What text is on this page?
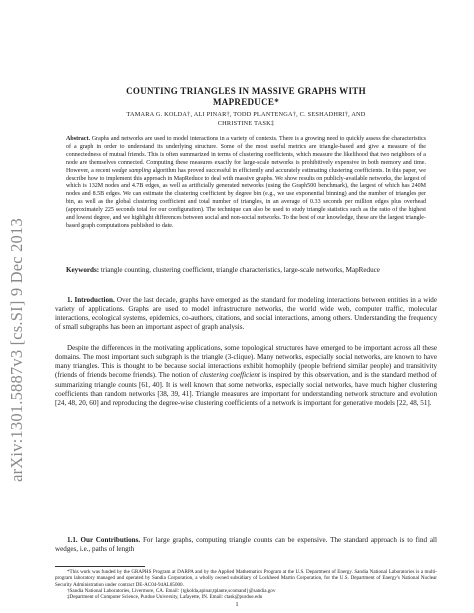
arXiv:1301.5887v3 [cs.SI] 9 Dec 2013
COUNTING TRIANGLES IN MASSIVE GRAPHS WITH
MAPREDUCE*
TAMARA G. KOLDA†, ALI PINAR†, TODD PLANTENGA†, C. SESHADHRI†, AND
CHRISTINE TASK‡

Abstract. Graphs and networks are used to model interactions in a variety of contexts. There is a growing need to quickly assess the characteristics of a graph in order to understand its underlying structure. Some of the most useful metrics are triangle-based and give a measure of the connectedness of mutual friends. This is often summarized in terms of clustering coefficients, which measure the likelihood that two neighbors of a node are themselves connected. Computing these measures exactly for large-scale networks is prohibitively expensive in both memory and time. However, a recent wedge sampling algorithm has proved successful in efficiently and accurately estimating clustering coefficients. In this paper, we describe how to implement this approach in MapReduce to deal with massive graphs. We show results on publicly-available networks, the largest of which is 132M nodes and 4.7B edges, as well as artificially generated networks (using the Graph500 benchmark), the largest of which has 240M nodes and 8.5B edges. We can estimate the clustering coefficient by degree bin (e.g., we use exponential binning) and the number of triangles per bin, as well as the global clustering coefficient and total number of triangles, in an average of 0.33 seconds per million edges plus overhead (approximately 225 seconds total for our configuration). The technique can also be used to study triangle statistics such as the ratio of the highest and lowest degree, and we highlight differences between social and non-social networks. To the best of our knowledge, these are the largest triangle-based graph computations published to date.

Keywords: triangle counting, clustering coefficient, triangle characteristics, large-scale networks, MapReduce

1. Introduction. Over the last decade, graphs have emerged as the standard for modeling interactions between entities in a wide variety of applications. Graphs are used to model infrastructure networks, the world wide web, computer traffic, molecular interactions, ecological systems, epidemics, co-authors, citations, and social interactions, among others. Understanding the frequency of small subgraphs has been an important aspect of graph analysis.

Despite the differences in the motivating applications, some topological structures have emerged to be important across all these domains. The most important such subgraph is the triangle (3-clique). Many networks, especially social networks, are known to have many triangles. This is thought to be because social interactions exhibit homophily (people befriend similar people) and transitivity (friends of friends become friends). The notion of clustering coefficient is inspired by this observation, and is the standard method of summarizing triangle counts [61, 40]. It is well known that some networks, especially social networks, have much higher clustering coefficients than random networks [38, 39, 41]. Triangle measures are important for understanding network structure and evolution [24, 48, 20, 60] and reproducing the degree-wise clustering coefficients of a network is important for generative models [22, 48, 51].

1.1. Our Contributions. For large graphs, computing triangle counts can be expensive. The standard approach is to find all wedges, i.e., paths of length

*This work was funded by the GRAPHS Program at DARPA and by the Applied Mathematics Program at the U.S. Department of Energy. Sandia National Laboratories is a multi-program laboratory managed and operated by Sandia Corporation, a wholly owned subsidiary of Lockheed Martin Corporation, for the U.S. Department of Energy's National Nuclear Security Administration under contract DE-AC04-94AL85000.

†Sandia National Laboratories, Livermore, CA. Email: {tgkolda,apinar,tplante,scomand}@sandia.gov

‡Department of Computer Science, Purdue University, Lafayette, IN. Email: ctask@purdue.edu

1
